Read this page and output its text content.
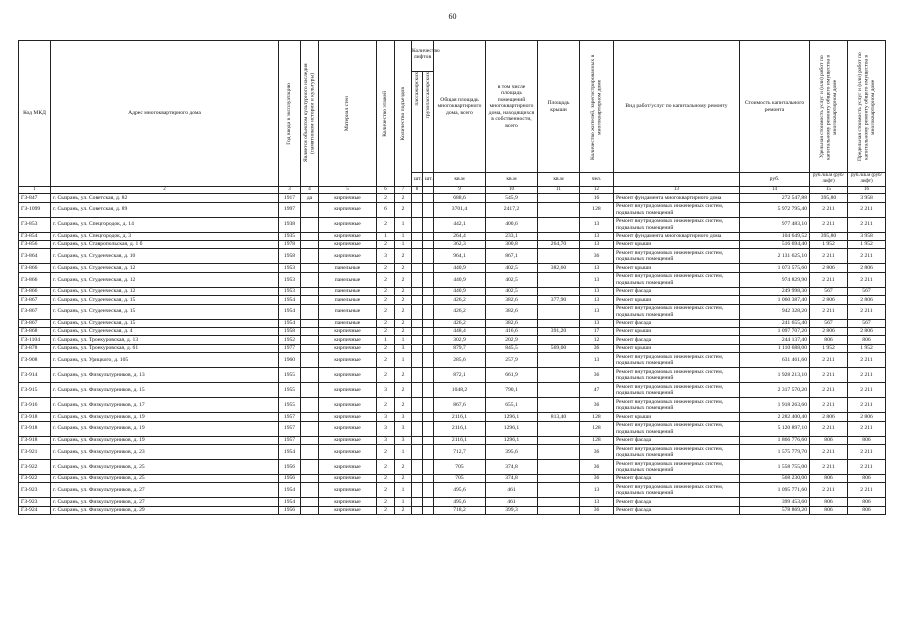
60
Код МКД	Адрес многоквартирного дома	Год ввода в эксплуатацию	Является объектом культурного наследия (памятником истории и культуры)	Материал стен	Количество этажей	Количество подъездов	Количество лифтов
пассажирских грузопассажирских		Общая площадь многоквартирного дома, всего	в том числе площадь помещений многоквартирного дома, находящихся в собственности, всего	Площадь крыши	Количество жителей, зарегистрированных в многоквартирном доме	Вид работ/услуг по капитальному ремонту	Стоимость капитального ремонта	Удельная стоимость услуг и (или) работ по капитальному ремонту общего имущества в многоквартирном доме	Предельная стоимость услуг и (или) работ по капитальному ремонту общего имущества в многоквартирном доме

							шт.	шт.	кв.м	кв.м	кв.м	чел.		руб.	руб./кв.м (руб/лифт)	руб./кв.м (руб/лифт)
1	2	3	4	5	6	7	8		9	10	11	12	13	14	15	16
ГЗ-847	г. Сызрань, ул. Советская, д. 82	1917	да	кирпичные	2	2			688,6	545,9		16	Ремонт фундамента многоквартирного дома	272 547,88	395,80	3 958
ГЗ-1099	г. Сызрань, ул. Советская, д. 89	1997		кирпичные	6	2			3701,4	2417,2		128	Ремонт внутридомовых инженерных систем, подвальных помещений	5 972 795,40	2 211	2 211
ГЗ-853	г. Сызрань, ул. Спецгородок, д. 14	1938		кирпичные	2	1			442,1	400,6		13	Ремонт внутридомовых инженерных систем, подвальных помещений	977 483,10	2 211	2 211
ГЗ-854	г. Сызрань, ул. Спецгородок, д. 3	1935		кирпичные	1	1			264,4	233,1		13	Ремонт фундамента многоквартирного дома	104 649,52	395,80	3 958
ГЗ-856	г. Сызрань, ул. Ставропольская, д. 1 б	1978		кирпичные	2	1			362,3	300,8	264,70	13	Ремонт крыши	516 694,40	1 952	1 952
ГЗ-864	г. Сызрань, ул. Студенческая, д. 10	1958		кирпичные	3	2			964,1	867,1		36	Ремонт внутридомовых инженерных систем, подвальных помещений	2 131 625,10	2 211	2 211
ГЗ-866	г. Сызрань, ул. Студенческая, д. 12	1953		панельные	2	2			440,9	402,5	382,60	13	Ремонт крыши	1 073 575,60	2 806	2 806
ГЗ-866	г. Сызрань, ул. Студенческая, д. 12	1953		панельные	2	2			440,9	402,5		13	Ремонт внутридомовых инженерных систем, подвальных помещений	974 829,90	2 211	2 211
ГЗ-866	г. Сызрань, ул. Студенческая, д. 12	1953		панельные	2	2			440,9	402,5		13	Ремонт фасада	249 998,30	567	567
ГЗ-867	г. Сызрань, ул. Студенческая, д. 15	1954		панельные	2	2			426,2	382,6	377,90	13	Ремонт крыши	1 060 387,40	2 806	2 806
ГЗ-867	г. Сызрань, ул. Студенческая, д. 15	1954		панельные	2	2			426,2	382,6		13	Ремонт внутридомовых инженерных систем, подвальных помещений	942 328,20	2 211	2 211
ГЗ-867	г. Сызрань, ул. Студенческая, д. 15	1954		панельные	2	2			426,2	382,6		13	Ремонт фасада	241 655,40	567	567
ГЗ-868	г. Сызрань, ул. Студенческая, д. 4	1958		кирпичные	2	2			448,4	416,6	391,20	17	Ремонт крыши	1 097 707,20	2 806	2 806
ГЗ-1104	г. Сызрань, ул. Троекуровская, д. 13	1952		кирпичные	1	1			302,9	202,9		12	Ремонт фасада	244 137,40	806	806
ГЗ-878	г. Сызрань, ул. Троекуровская, д. 61	1977		кирпичные	2	3			879,7	845,5	569,00	36	Ремонт крыши	1 110 688,00	1 952	1 952
ГЗ-908	г. Сызрань, ул. Урицкого, д. 105	1960		кирпичные	2	1			285,6	257,9		13	Ремонт внутридомовых инженерных систем, подвальных помещений	631 461,60	2 211	2 211
ГЗ-914	г. Сызрань, ул. Физкультурников, д. 13	1955		кирпичные	2	2			872,1	661,9		36	Ремонт внутридомовых инженерных систем, подвальных помещений	1 928 213,10	2 211	2 211
ГЗ-915	г. Сызрань, ул. Физкультурников, д. 15	1955		кирпичные	3	2			1048,2	790,1		47	Ремонт внутридомовых инженерных систем, подвальных помещений	2 317 570,20	2 211	2 211
ГЗ-916	г. Сызрань, ул. Физкультурников, д. 17	1955		кирпичные	2	2			867,6	655,1		36	Ремонт внутридомовых инженерных систем, подвальных помещений	1 918 263,60	2 211	2 211
ГЗ-918	г. Сызрань, ул. Физкультурников, д. 19	1957		кирпичные	3	3			2116,1	1296,1	813,40	128	Ремонт крыши	2 282 400,40	2 806	2 806
ГЗ-918	г. Сызрань, ул. Физкультурников, д. 19	1957		кирпичные	3	3			2116,1	1296,1		128	Ремонт внутридомовых инженерных систем, подвальных помещений	5 120 897,10	2 211	2 211
ГЗ-918	г. Сызрань, ул. Физкультурников, д. 19	1957		кирпичные	3	3			2116,1	1296,1		128	Ремонт фасада	1 866 776,60	806	806
ГЗ-921	г. Сызрань, ул. Физкультурников, д. 23	1954		кирпичные	2	1			712,7	395,6		36	Ремонт внутридомовых инженерных систем, подвальных помещений	1 575 779,70	2 211	2 211
ГЗ-922	г. Сызрань, ул. Физкультурников, д. 25	1956		кирпичные	2	2			705	374,8		36	Ремонт внутридомовых инженерных систем, подвальных помещений	1 558 755,00	2 211	2 211
ГЗ-922	г. Сызрань, ул. Физкультурников, д. 25	1956		кирпичные	2	2			705	374,8		36	Ремонт фасада	568 230,00	806	806
ГЗ-923	г. Сызрань, ул. Физкультурников, д. 27	1954		кирпичные	2	1			495,6	461		13	Ремонт внутридомовых инженерных систем, подвальных помещений	1 095 771,60	2 211	2 211
ГЗ-923	г. Сызрань, ул. Физкультурников, д. 27	1954		кирпичные	2	1			495,6	461		13	Ремонт фасада	399 453,60	806	806
ГЗ-924	г. Сызрань, ул. Физкультурников, д. 29	1956		кирпичные	2	2			718,2	399,3		36	Ремонт фасада	578 869,20	806	806
